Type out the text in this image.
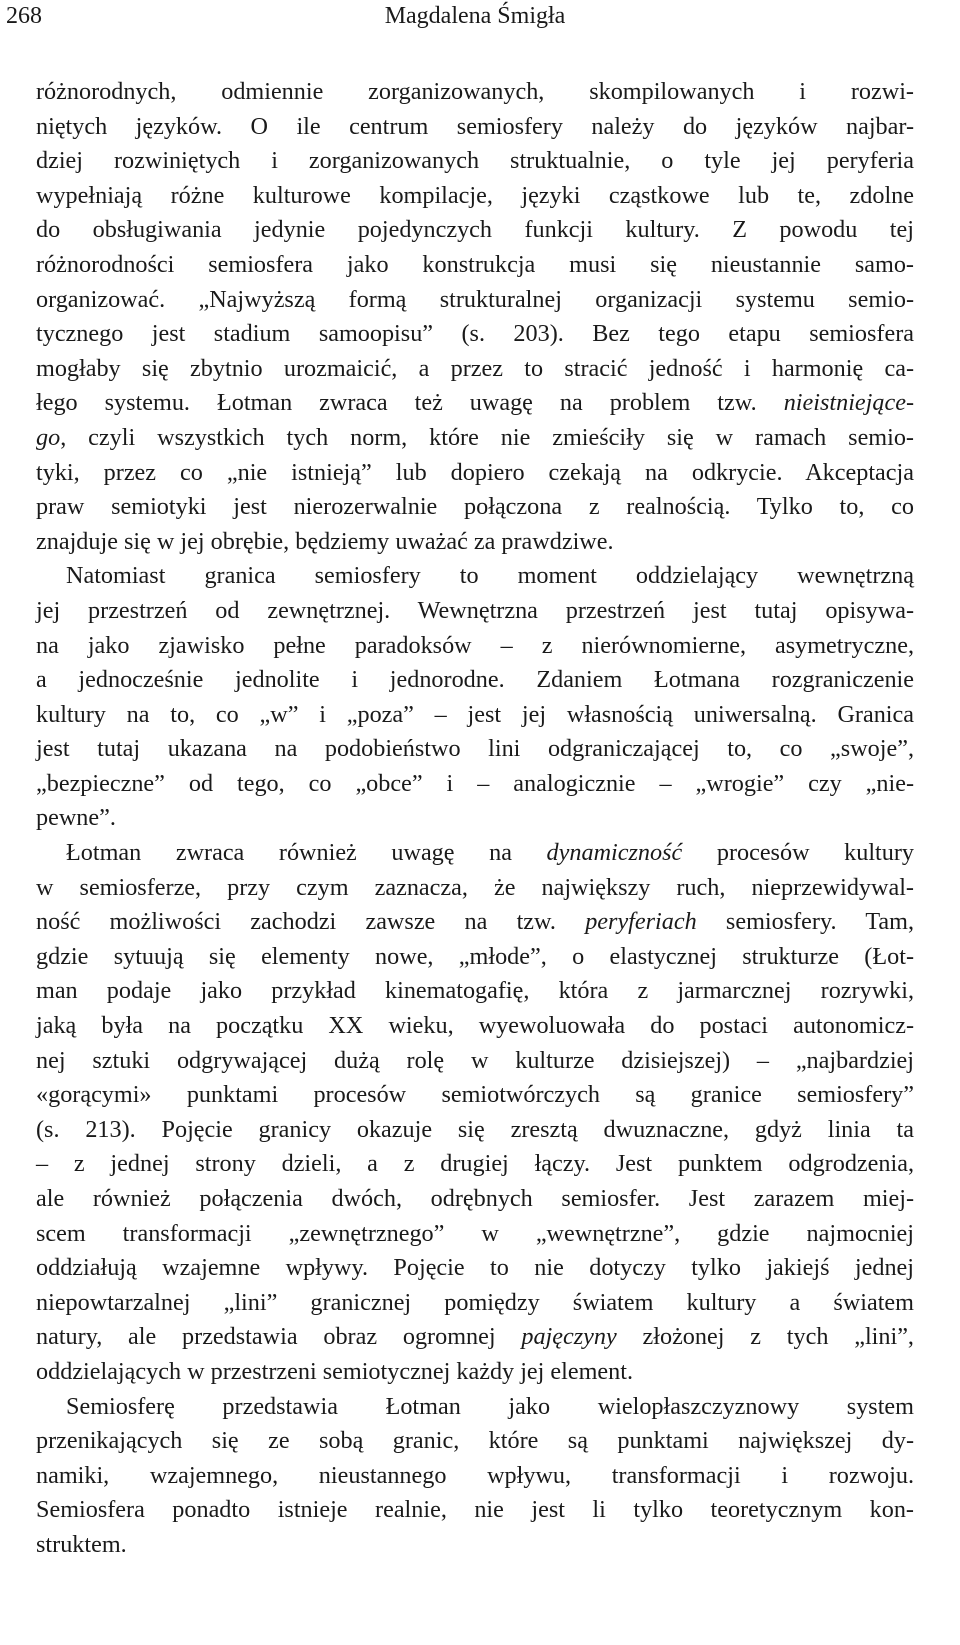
268	Magdalena Śmigła

różnorodnych, odmiennie zorganizowanych, skompilowanych i rozwi-
niętych języków. O ile centrum semiosfery należy do języków najbar-
dziej rozwiniętych i zorganizowanych struktualnie, o tyle jej peryferia
wypełniają różne kulturowe kompilacje, języki cząstkowe lub te, zdolne
do obsługiwania jedynie pojedynczych funkcji kultury. Z powodu tej
różnorodności semiosfera jako konstrukcja musi się nieustannie samo-
organizować. „Najwyższą formą strukturalnej organizacji systemu semio-
tycznego jest stadium samoopisu” (s. 203). Bez tego etapu semiosfera
mogłaby się zbytnio urozmaicić, a przez to stracić jedność i harmonię ca-
łego systemu. Łotman zwraca też uwagę na problem tzw. nieistniejące-
go, czyli wszystkich tych norm, które nie zmieściły się w ramach semio-
tyki, przez co „nie istnieją” lub dopiero czekają na odkrycie. Akceptacja
praw semiotyki jest nierozerwalnie połączona z realnością. Tylko to, co
znajduje się w jej obrębie, będziemy uważać za prawdziwe.

Natomiast granica semiosfery to moment oddzielający wewnętrzną
jej przestrzeń od zewnętrznej. Wewnętrzna przestrzeń jest tutaj opisywa-
na jako zjawisko pełne paradoksów – z nierównomierne, asymetryczne,
a jednocześnie jednolite i jednorodne. Zdaniem Łotmana rozgraniczenie
kultury na to, co „w” i „poza” – jest jej własnością uniwersalną. Granica
jest tutaj ukazana na podobieństwo lini odgraniczającej to, co „swoje”,
„bezpieczne” od tego, co „obce” i – analogicznie – „wrogie” czy „nie-
pewne”.

Łotman zwraca również uwagę na dynamiczność procesów kultury
w semiosferze, przy czym zaznacza, że największy ruch, nieprzewidywal-
ność możliwości zachodzi zawsze na tzw. peryferiach semiosfery. Tam,
gdzie sytuują się elementy nowe, „młode”, o elastycznej strukturze (Łot-
man podaje jako przykład kinematogafię, która z jarmarcznej rozrywki,
jaką była na początku XX wieku, wyewoluowała do postaci autonomicz-
nej sztuki odgrywającej dużą rolę w kulturze dzisiejszej) – „najbardziej
«gorącymi» punktami procesów semiotwórczych są granice semiosfery”
(s. 213). Pojęcie granicy okazuje się zresztą dwuznaczne, gdyż linia ta
– z jednej strony dzieli, a z drugiej łączy. Jest punktem odgrodzenia,
ale również połączenia dwóch, odrębnych semiosfer. Jest zarazem miej-
scem transformacji „zewnętrznego” w „wewnętrzne”, gdzie najmocniej
oddziałują wzajemne wpływy. Pojęcie to nie dotyczy tylko jakiejś jednej
niepowtarzalnej „lini” granicznej pomiędzy światem kultury a światem
natury, ale przedstawia obraz ogromnej pajęczyny złożonej z tych „lini”,
oddzielających w przestrzeni semiotycznej każdy jej element.

Semiosferę przedstawia Łotman jako wielopłaszczyznowy system
przenikających się ze sobą granic, które są punktami największej dy-
namiki, wzajemnego, nieustannego wpływu, transformacji i rozwoju.
Semiosfera ponadto istnieje realnie, nie jest li tylko teoretycznym kon-
struktem.
